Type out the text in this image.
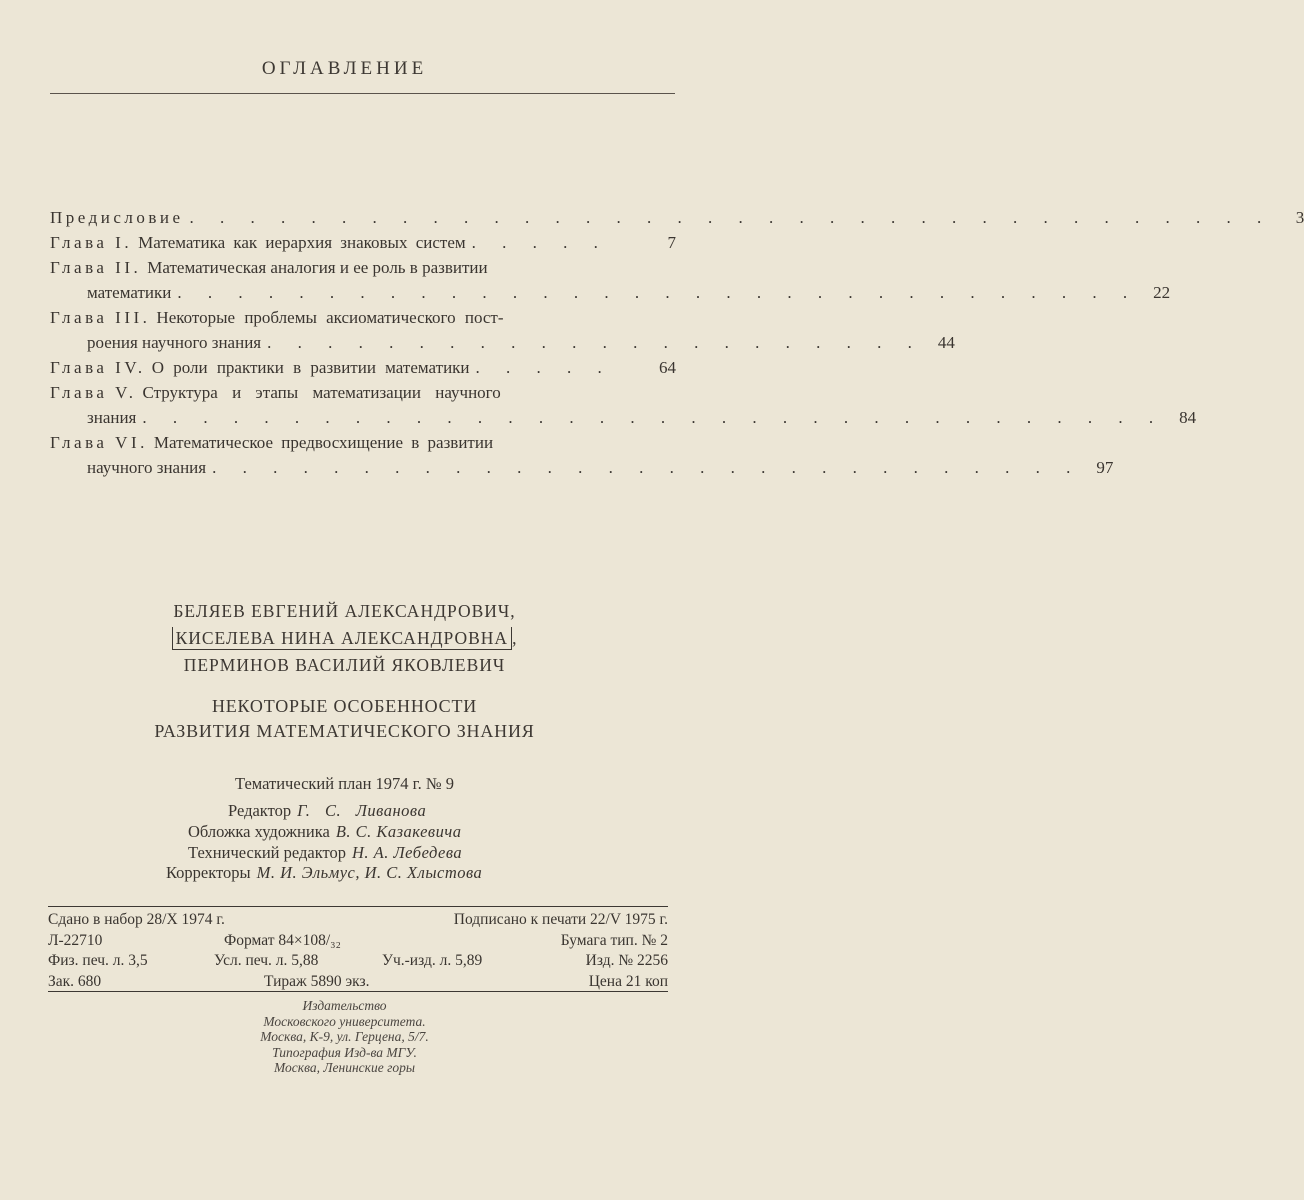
ОГЛАВЛЕНИЕ
Предисловие . . . . . . . . . . . . . . . . . . . . . . . . . . . . . . . . . . . .	3
Глава I. Математика как иерархия знаковых систем . . . . .	7
Глава II. Математическая аналогия и ее роль в развитии
математики . . . . . . . . . . . . . . . . . . . . . . . . . . . . . . . . 22
Глава III. Некоторые проблемы аксиоматического пост-
роения научного знания . . . . . . . . . . . . . . . . . . . . . . 44
Глава IV. О роли практики в развитии математики . . . . .	64
Глава V. Структура и этапы математизации научного
знания . . . . . . . . . . . . . . . . . . . . . . . . . . . . . . . . . . 84
Глава VI. Математическое предвосхищение в развитии
научного знания . . . . . . . . . . . . . . . . . . . . . . . . . . . . . 97
БЕЛЯЕВ ЕВГЕНИЙ АЛЕКСАНДРОВИЧ,
КИСЕЛЕВА НИНА АЛЕКСАНДРОВНА ,
ПЕРМИНОВ ВАСИЛИЙ ЯКОВЛЕВИЧ
НЕКОТОРЫЕ ОСОБЕННОСТИ
РАЗВИТИЯ МАТЕМАТИЧЕСКОГО ЗНАНИЯ
Тематический план 1974 г. № 9
Редактор Г. С. Ливанова
Обложка художника В. С. Казакевича
Технический редактор Н. А. Лебедева
Корректоры М. И. Эльмус, И. С. Хлыстова
Сдано в набор 28/X 1974 г.	Подписано к печати 22/V 1975 г.
Л-22710	Формат 84×108/₃₂	Бумага тип. № 2
Физ. печ. л. 3,5	Усл. печ. л. 5,88	Уч.-изд. л. 5,89	Изд. № 2256
Зак. 680	Тираж 5890 экз.	Цена 21 коп
Издательство
Московского университета.
Москва, К-9, ул. Герцена, 5/7.
Типография Изд-ва МГУ.
Москва, Ленинские горы
